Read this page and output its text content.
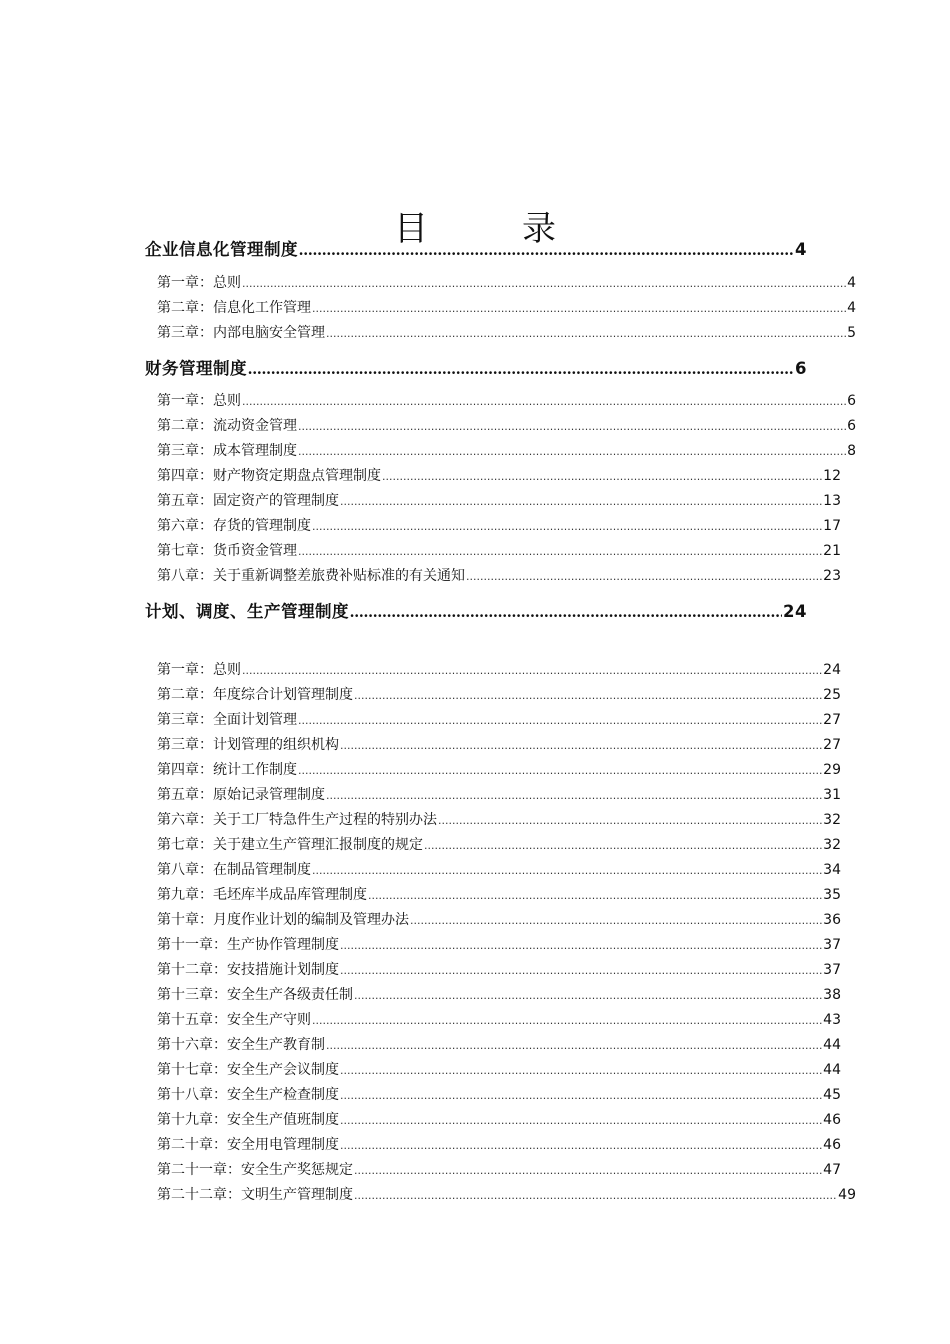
目　录
企业信息化管理制度 .....	4
第一章：总则 .....	4
第二章：信息化工作管理 .....	4
第三章：内部电脑安全管理 .....	5
财务管理制度 .....	6
第一章：总则 .....	6
第二章：流动资金管理 .....	6
第三章：成本管理制度 .....	8
第四章：财产物资定期盘点管理制度 .....	12
第五章：固定资产的管理制度 .....	13
第六章：存货的管理制度 .....	17
第七章：货币资金管理 .....	21
第八章：关于重新调整差旅费补贴标准的有关通知 .....	23
计划、调度、生产管理制度 .....	24
第一章：总则 .....	24
第二章：年度综合计划管理制度 .....	25
第三章：全面计划管理 .....	27
第三章：计划管理的组织机构 .....	27
第四章：统计工作制度 .....	29
第五章：原始记录管理制度 .....	31
第六章：关于工厂特急件生产过程的特别办法 .....	32
第七章：关于建立生产管理汇报制度的规定 .....	32
第八章：在制品管理制度 .....	34
第九章：毛坯库半成品库管理制度 .....	35
第十章：月度作业计划的编制及管理办法 .....	36
第十一章：生产协作管理制度 .....	37
第十二章：安技措施计划制度 .....	37
第十三章：安全生产各级责任制 .....	38
第十五章：安全生产守则 .....	43
第十六章：安全生产教育制 .....	44
第十七章：安全生产会议制度 .....	44
第十八章：安全生产检查制度 .....	45
第十九章：安全生产值班制度 .....	46
第二十章：安全用电管理制度 .....	46
第二十一章：安全生产奖惩规定 .....	47
第二十二章：文明生产管理制度 .....	49
